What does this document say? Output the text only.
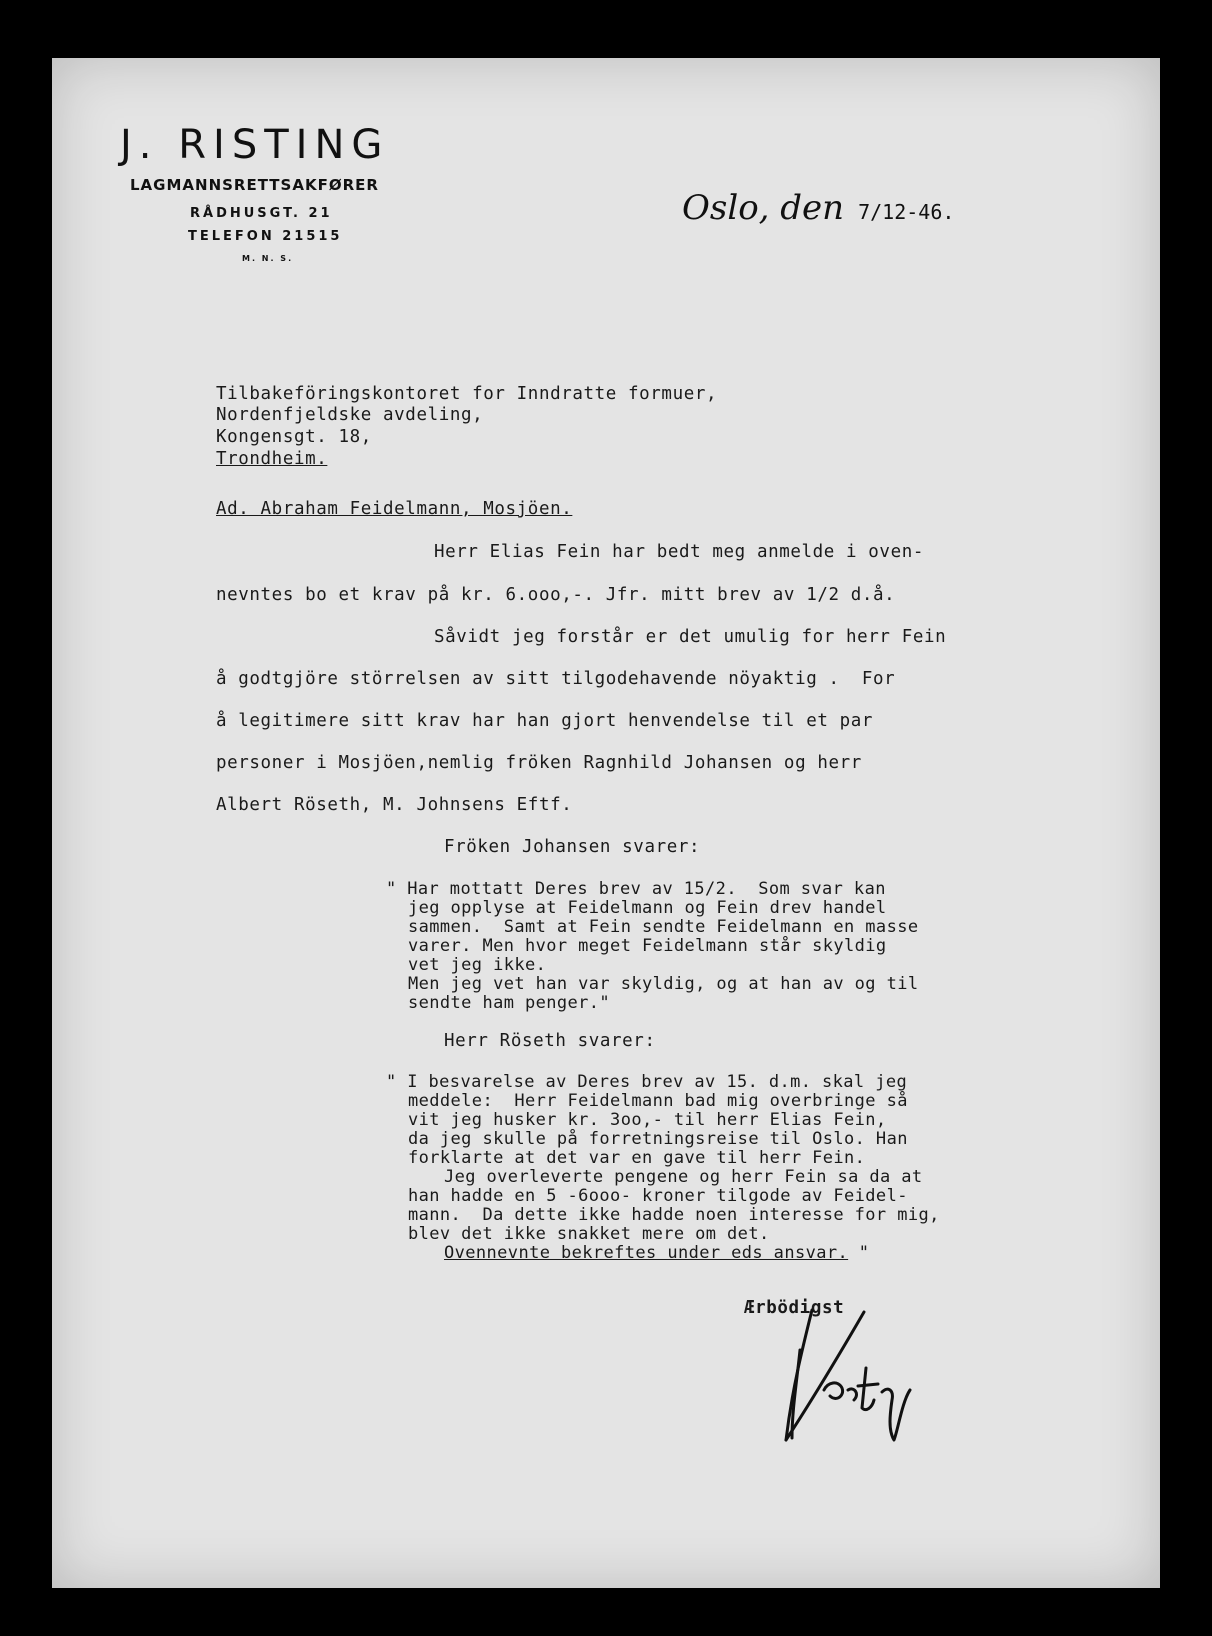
J. RISTING
LAGMANNSRETTSAKFØRER
RÅDHUSGT. 21
TELEFON 21515
M. N. S.
Oslo, den 7/12-46.
Tilbakeföringskontoret for Inndratte formuer,
Nordenfjeldske avdeling,
Kongensgt. 18,
Trondheim.
Ad. Abraham Feidelmann, Mosjöen.
Herr Elias Fein har bedt meg anmelde i oven-
nevntes bo et krav på kr. 6.ooo,-. Jfr. mitt brev av 1/2 d.å.
Såvidt jeg forstår er det umulig for herr Fein
å godtgjöre störrelsen av sitt tilgodehavende nöyaktig .  For
å legitimere sitt krav har han gjort henvendelse til et par
personer i Mosjöen,nemlig fröken Ragnhild Johansen og herr
Albert Röseth, M. Johnsens Eftf.
Fröken Johansen svarer:
" Har mottatt Deres brev av 15/2.  Som svar kan
jeg opplyse at Feidelmann og Fein drev handel
sammen.  Samt at Fein sendte Feidelmann en masse
varer. Men hvor meget Feidelmann står skyldig
vet jeg ikke.
Men jeg vet han var skyldig, og at han av og til
sendte ham penger."
Herr Röseth svarer:
" I besvarelse av Deres brev av 15. d.m. skal jeg
meddele:  Herr Feidelmann bad mig overbringe så
vit jeg husker kr. 3oo,- til herr Elias Fein,
da jeg skulle på forretningsreise til Oslo. Han
forklarte at det var en gave til herr Fein.
Jeg overleverte pengene og herr Fein sa da at
han hadde en 5 -6ooo- kroner tilgode av Feidel-
mann.  Da dette ikke hadde noen interesse for mig,
blev det ikke snakket mere om det.
Ovennevnte bekreftes under eds ansvar. "
Ærbödigst
